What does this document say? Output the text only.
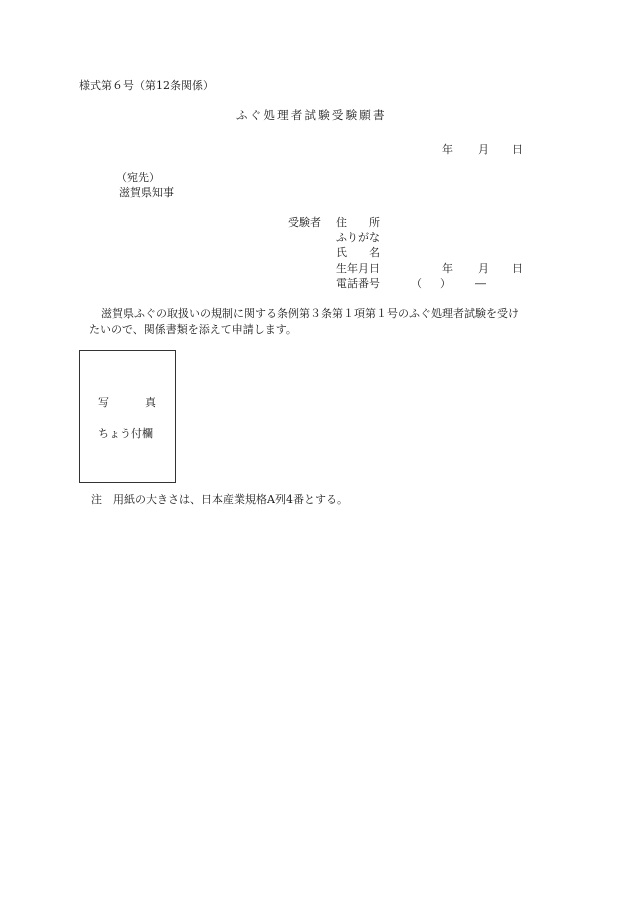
様式第６号（第12条関係）
ふぐ処理者試験受験願書
年 月 日
（宛先）
滋賀県知事
受験者 住　　所
ふりがな
氏　　名
生年月日	年 月 日
電話番号	（ ） ―
滋賀県ふぐの取扱いの規制に関する条例第３条第１項第１号のふぐ処理者試験を受け
たいので、関係書類を添えて申請します。
写	真
ちょう付欄
注　用紙の大きさは、日本産業規格A列4番とする。
